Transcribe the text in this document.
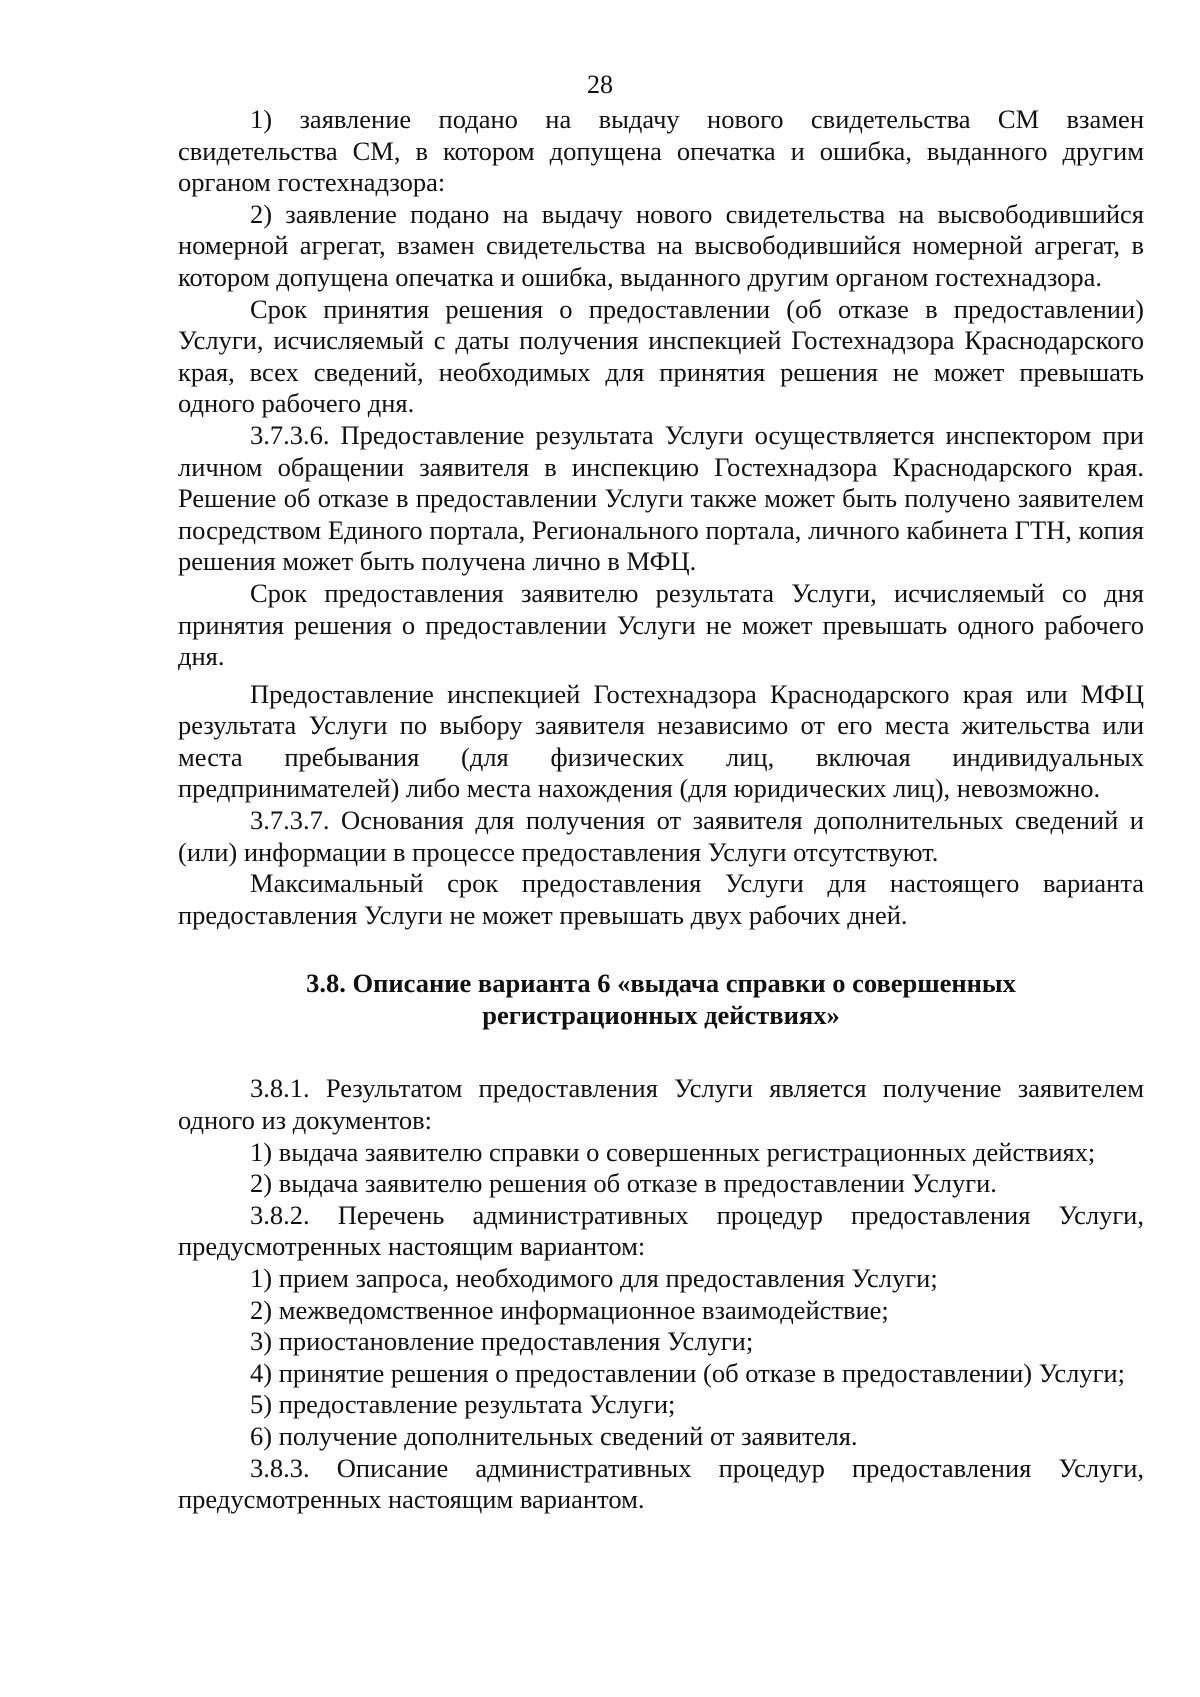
28

1) заявление подано на выдачу нового свидетельства СМ взамен свидетельства СМ, в котором допущена опечатка и ошибка, выданного другим органом гостехнадзора:

2) заявление подано на выдачу нового свидетельства на высвободившийся номерной агрегат, взамен свидетельства на высвободившийся номерной агрегат, в котором допущена опечатка и ошибка, выданного другим органом гостехнадзора.

Срок принятия решения о предоставлении (об отказе в предоставлении) Услуги, исчисляемый с даты получения инспекцией Гостехнадзора Краснодарского края, всех сведений, необходимых для принятия решения не может превышать одного рабочего дня.

3.7.3.6. Предоставление результата Услуги осуществляется инспектором при личном обращении заявителя в инспекцию Гостехнадзора Краснодарского края. Решение об отказе в предоставлении Услуги также может быть получено заявителем посредством Единого портала, Регионального портала, личного кабинета ГТН, копия решения может быть получена лично в МФЦ.

Срок предоставления заявителю результата Услуги, исчисляемый со дня принятия решения о предоставлении Услуги не может превышать одного рабочего дня.

Предоставление инспекцией Гостехнадзора Краснодарского края или МФЦ результата Услуги по выбору заявителя независимо от его места жительства или места пребывания (для физических лиц, включая индивидуальных предпринимателей) либо места нахождения (для юридических лиц), невозможно.

3.7.3.7. Основания для получения от заявителя дополнительных сведений и (или) информации в процессе предоставления Услуги отсутствуют.

Максимальный срок предоставления Услуги для настоящего варианта предоставления Услуги не может превышать двух рабочих дней.

3.8. Описание варианта 6 «выдача справки о совершенных регистрационных действиях»

3.8.1. Результатом предоставления Услуги является получение заявителем одного из документов:

1) выдача заявителю справки о совершенных регистрационных действиях;

2) выдача заявителю решения об отказе в предоставлении Услуги.

3.8.2. Перечень административных процедур предоставления Услуги, предусмотренных настоящим вариантом:

1) прием запроса, необходимого для предоставления Услуги;

2) межведомственное информационное взаимодействие;

3) приостановление предоставления Услуги;

4) принятие решения о предоставлении (об отказе в предоставлении) Услуги;

5) предоставление результата Услуги;

6) получение дополнительных сведений от заявителя.

3.8.3. Описание административных процедур предоставления Услуги, предусмотренных настоящим вариантом.
